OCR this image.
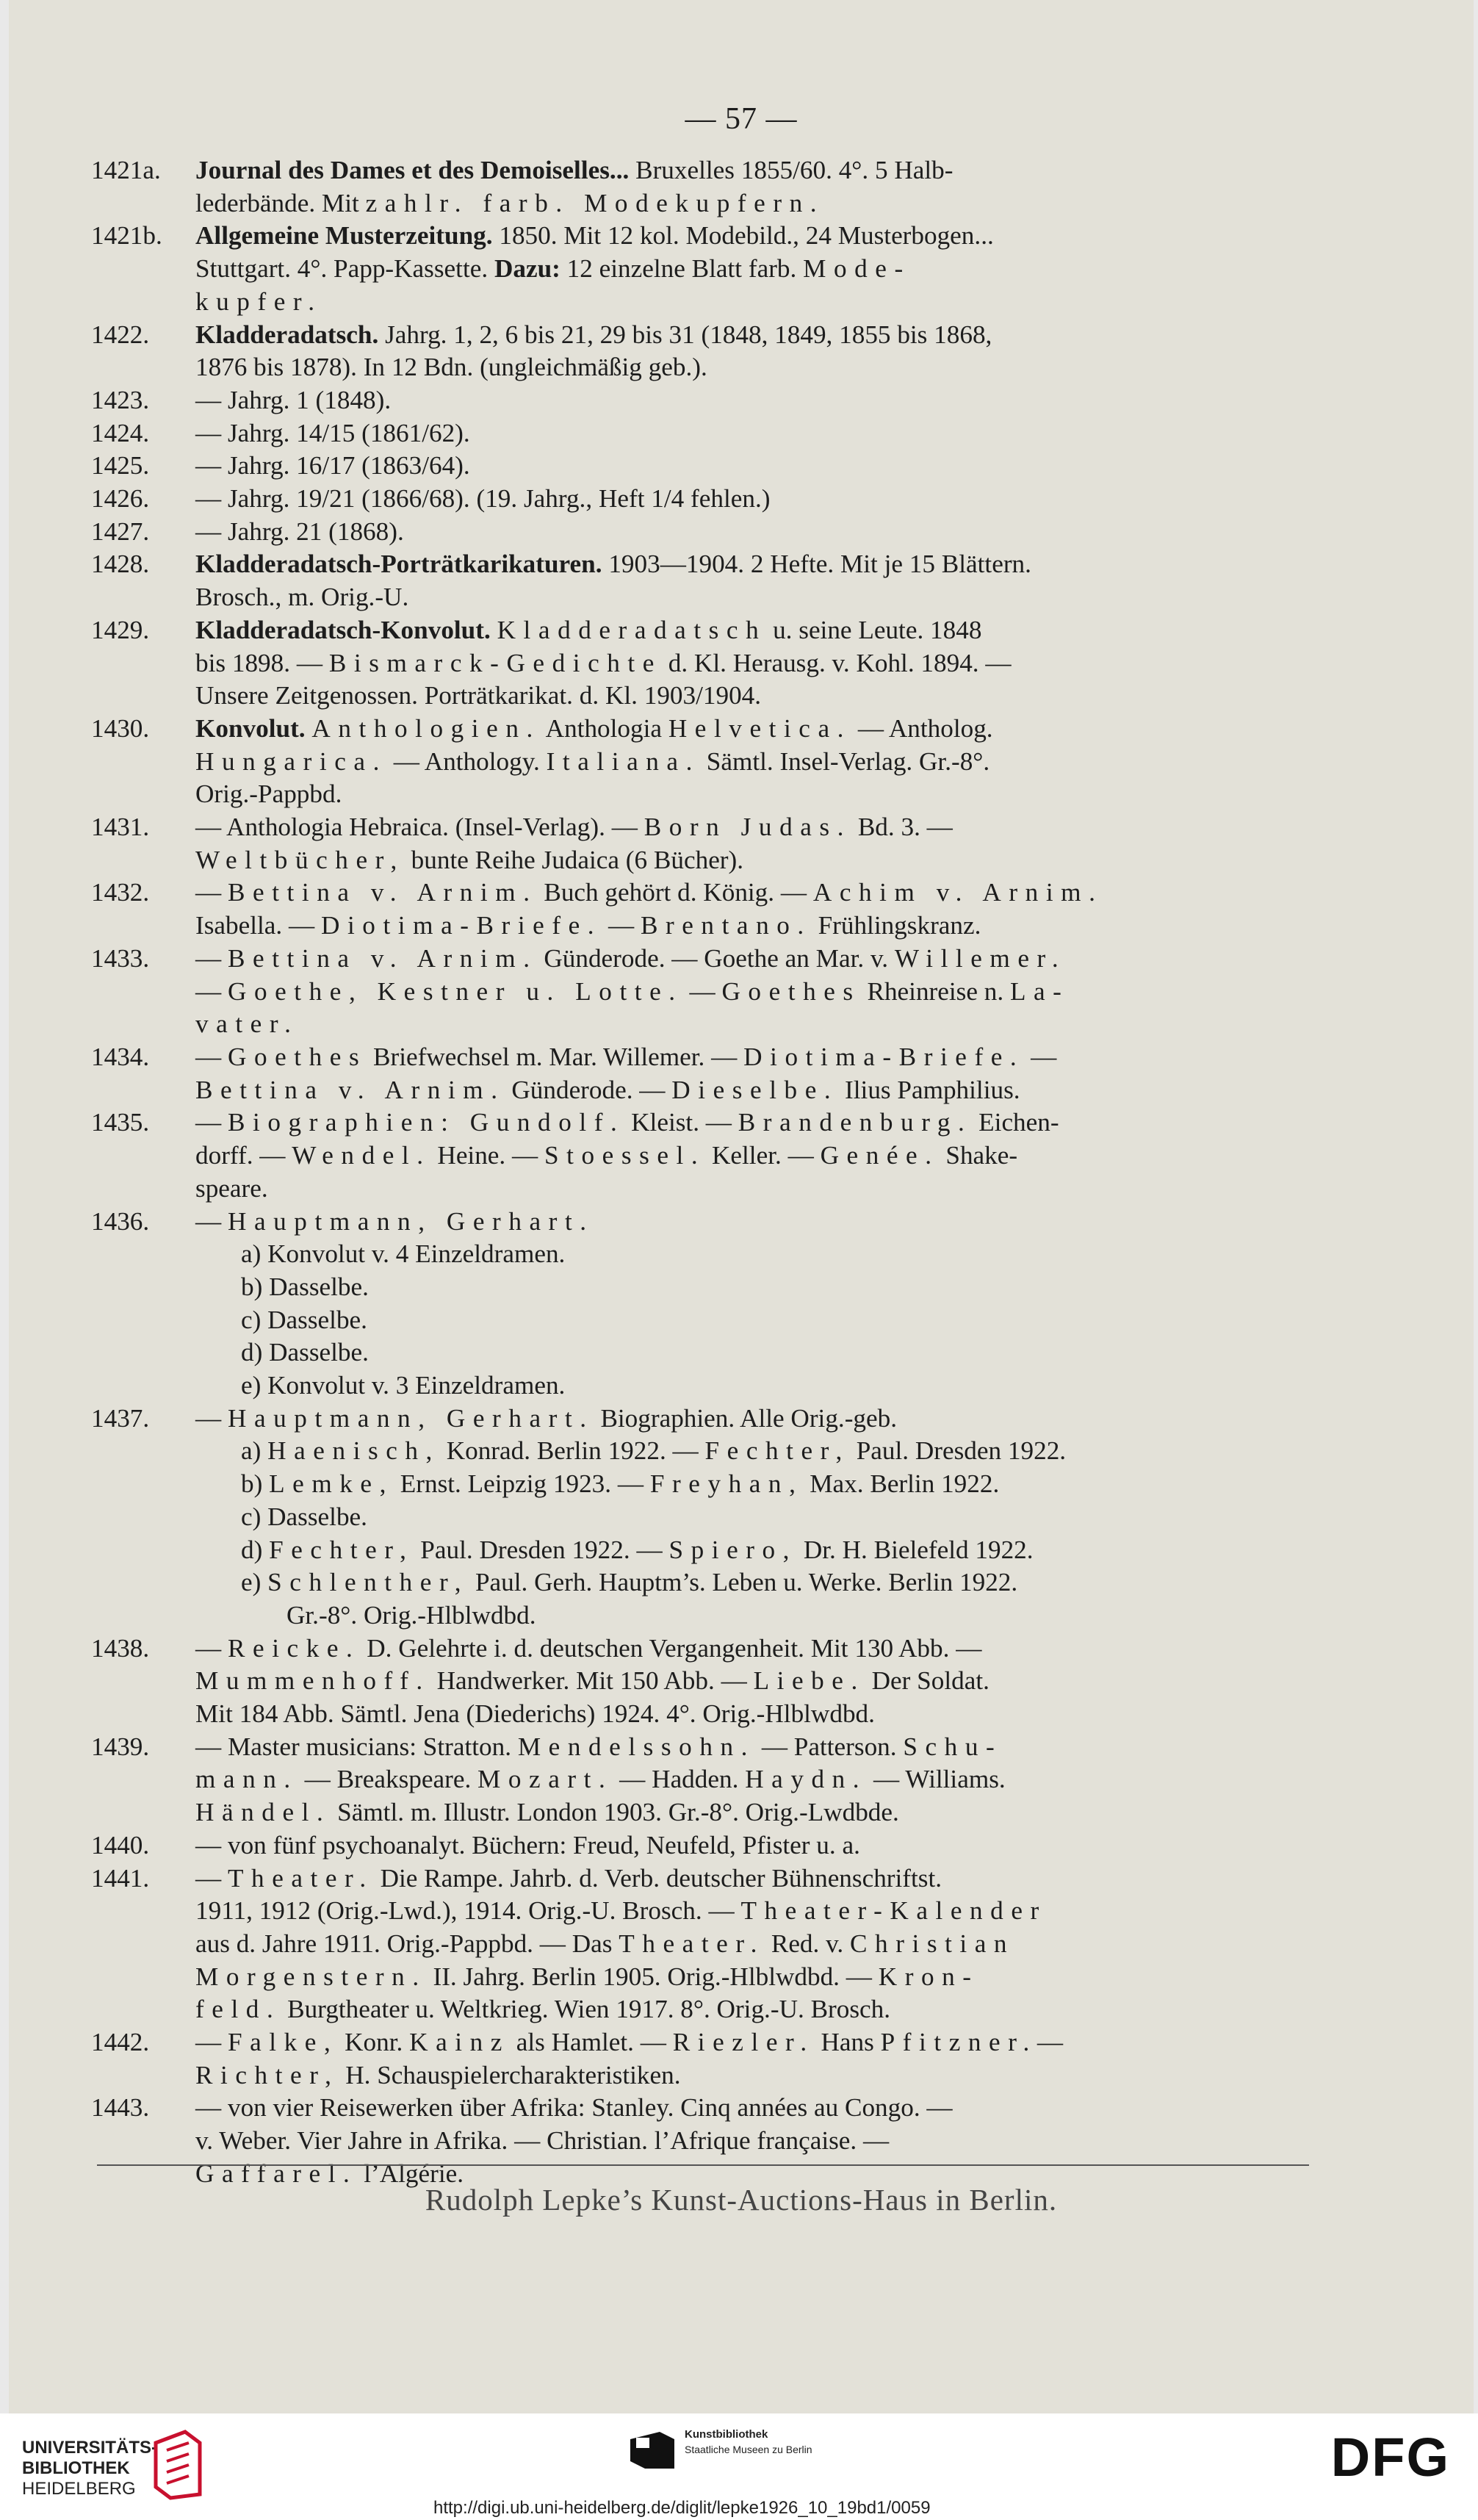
— 57 —
1421a.	Journal des Dames et des Demoiselles... Bruxelles 1855/60. 4°. 5 Halb-
lederbände. Mit zahlr. farb. Modekupfern.
1421b.	Allgemeine Musterzeitung. 1850. Mit 12 kol. Modebild., 24 Musterbogen...
Stuttgart. 4°. Papp-Kassette. Dazu: 12 einzelne Blatt farb. Mode-
kupfer.
1422.	Kladderadatsch. Jahrg. 1, 2, 6 bis 21, 29 bis 31 (1848, 1849, 1855 bis 1868,
1876 bis 1878). In 12 Bdn. (ungleichmäßig geb.).
1423.	— Jahrg. 1 (1848).
1424.	— Jahrg. 14/15 (1861/62).
1425.	— Jahrg. 16/17 (1863/64).
1426.	— Jahrg. 19/21 (1866/68). (19. Jahrg., Heft 1/4 fehlen.)
1427.	— Jahrg. 21 (1868).
1428.	Kladderadatsch-Porträtkarikaturen. 1903—1904. 2 Hefte. Mit je 15 Blättern.
Brosch., m. Orig.-U.
1429.	Kladderadatsch-Konvolut. Kladderadatsch u. seine Leute. 1848
bis 1898. — Bismarck-Gedichte d. Kl. Herausg. v. Kohl. 1894. —
Unsere Zeitgenossen. Porträtkarikat. d. Kl. 1903/1904.
1430.	Konvolut. Anthologien. Anthologia Helvetica. — Antholog.
Hungarica. — Anthology. Italiana. Sämtl. Insel-Verlag. Gr.-8°.
Orig.-Pappbd.
1431.	— Anthologia Hebraica. (Insel-Verlag). — Born Judas. Bd. 3. —
Weltbücher, bunte Reihe Judaica (6 Bücher).
1432.	— Bettina v. Arnim. Buch gehört d. König. — Achim v. Arnim.
Isabella. — Diotima-Briefe. — Brentano. Frühlingskranz.
1433.	— Bettina v. Arnim. Günderode. — Goethe an Mar. v. Willemer.
— Goethe, Kestner u. Lotte. — Goethes Rheinreise n. La-
vater.
1434.	— Goethes Briefwechsel m. Mar. Willemer. — Diotima-Briefe. —
Bettina v. Arnim. Günderode. — Dieselbe. Ilius Pamphilius.
1435.	— Biographien: Gundolf. Kleist. — Brandenburg. Eichen-
dorff. — Wendel. Heine. — Stoessel. Keller. — Genée. Shake-
speare.
1436.	— Hauptmann, Gerhart.
a) Konvolut v. 4 Einzeldramen.
b) Dasselbe.
c) Dasselbe.
d) Dasselbe.
e) Konvolut v. 3 Einzeldramen.
1437.	— Hauptmann, Gerhart. Biographien. Alle Orig.-geb.
a) Haenisch, Konrad. Berlin 1922. — Fechter, Paul. Dresden 1922.
b) Lemke, Ernst. Leipzig 1923. — Freyhan, Max. Berlin 1922.
c) Dasselbe.
d) Fechter, Paul. Dresden 1922. — Spiero, Dr. H. Bielefeld 1922.
e) Schlenther, Paul. Gerh. Hauptm’s. Leben u. Werke. Berlin 1922.
Gr.-8°. Orig.-Hlblwdbd.
1438.	— Reicke. D. Gelehrte i. d. deutschen Vergangenheit. Mit 130 Abb. —
Mummenhoff. Handwerker. Mit 150 Abb. — Liebe. Der Soldat.
Mit 184 Abb. Sämtl. Jena (Diederichs) 1924. 4°. Orig.-Hlblwdbd.
1439.	— Master musicians: Stratton. Mendelssohn. — Patterson. Schu-
mann. — Breakspeare. Mozart. — Hadden. Haydn. — Williams.
Händel. Sämtl. m. Illustr. London 1903. Gr.-8°. Orig.-Lwdbde.
1440.	— von fünf psychoanalyt. Büchern: Freud, Neufeld, Pfister u. a.
1441.	— Theater. Die Rampe. Jahrb. d. Verb. deutscher Bühnenschriftst.
1911, 1912 (Orig.-Lwd.), 1914. Orig.-U. Brosch. — Theater-Kalender
aus d. Jahre 1911. Orig.-Pappbd. — Das Theater. Red. v. Christian
Morgenstern. II. Jahrg. Berlin 1905. Orig.-Hlblwdbd. — Kron-
feld. Burgtheater u. Weltkrieg. Wien 1917. 8°. Orig.-U. Brosch.
1442.	— Falke, Konr. Kainz als Hamlet. — Riezler. Hans Pfitzner.—
Richter, H. Schauspielercharakteristiken.
1443.	— von vier Reisewerken über Afrika: Stanley. Cinq années au Congo. —
v. Weber. Vier Jahre in Afrika. — Christian. l’Afrique française. —
Gaffarel. l’Algérie.
Rudolph Lepke’s Kunst-Auctions-Haus in Berlin.
UNIVERSITÄTS-
BIBLIOTHEK
HEIDELBERG
Kunstbibliothek
Staatliche Museen zu Berlin	DFG
http://digi.ub.uni-heidelberg.de/diglit/lepke1926_10_19bd1/0059
